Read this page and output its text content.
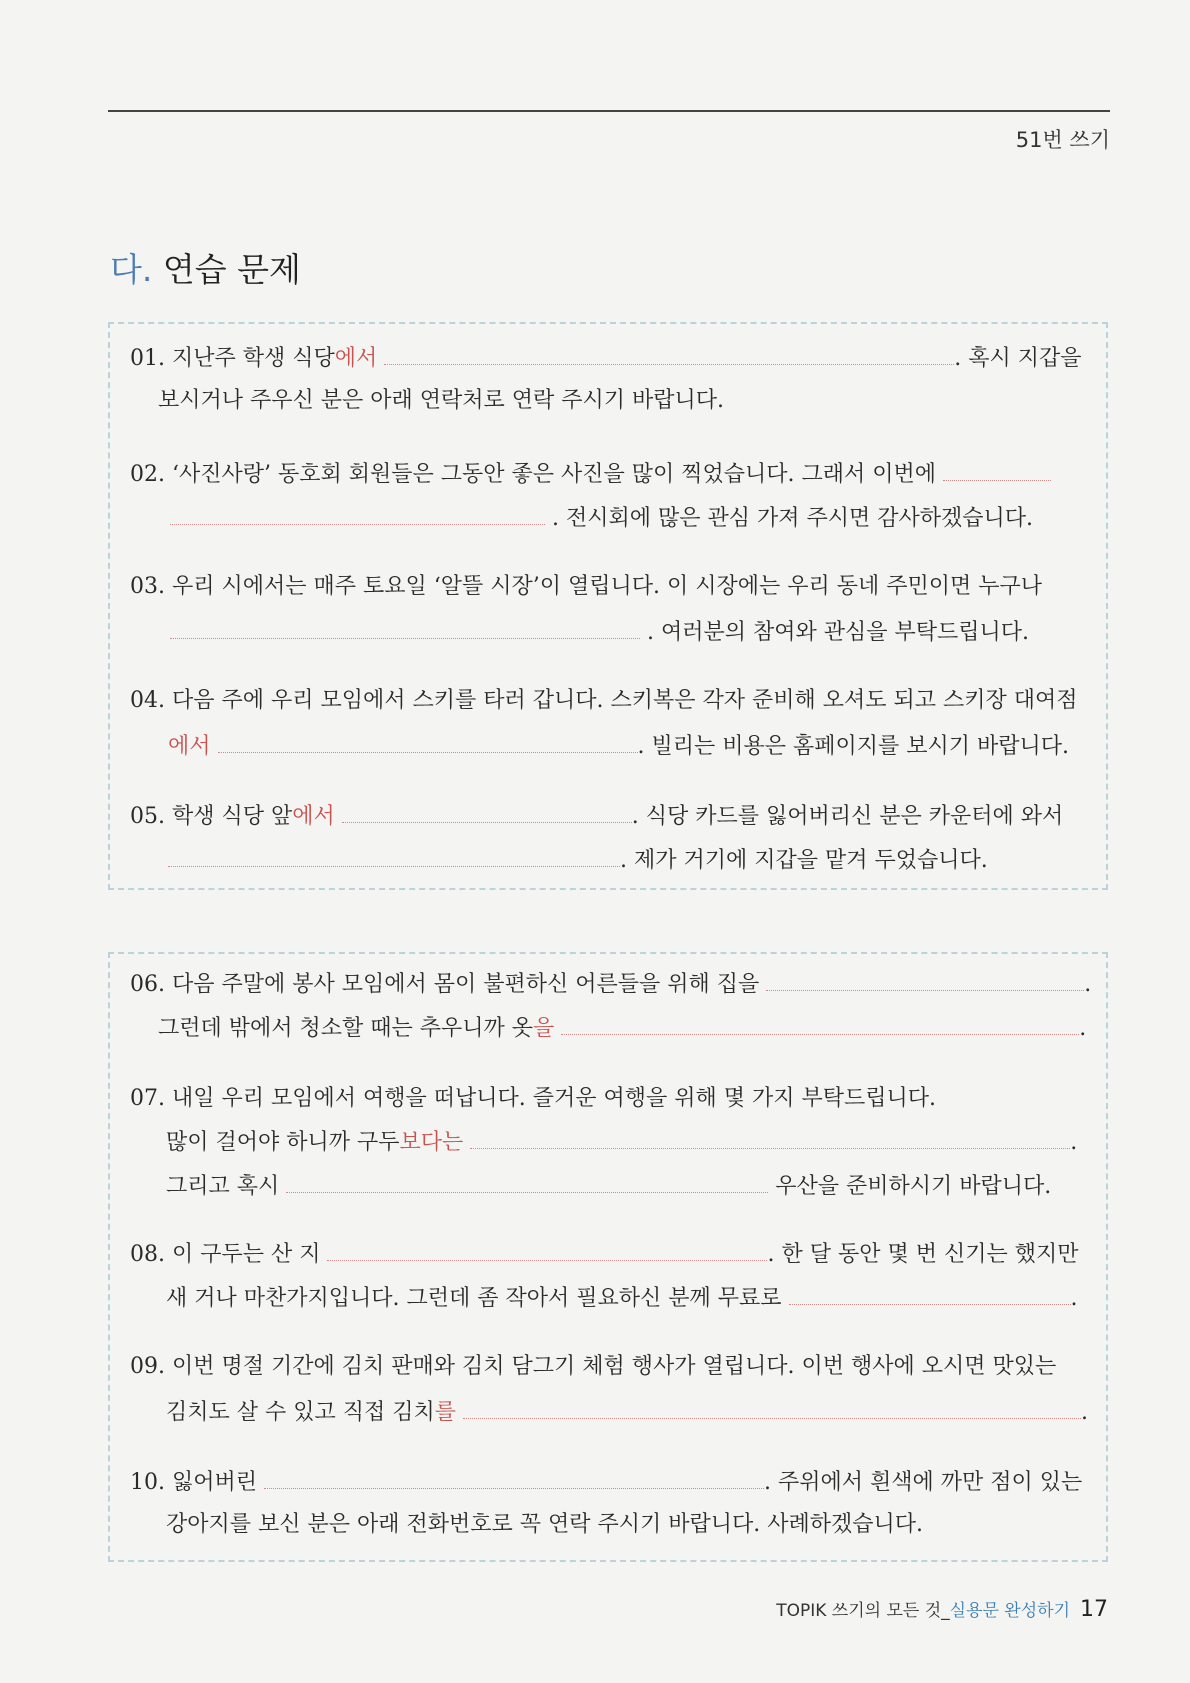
51번 쓰기
다. 연습 문제
01. 지난주 학생 식당에서	. 혹시 지갑을
보시거나 주우신 분은 아래 연락처로 연락 주시기 바랍니다.
02. ‘사진사랑’ 동호회 회원들은 그동안 좋은 사진을 많이 찍었습니다. 그래서 이번에
. 전시회에 많은 관심 가져 주시면 감사하겠습니다.
03. 우리 시에서는 매주 토요일 ‘알뜰 시장’이 열립니다. 이 시장에는 우리 동네 주민이면 누구나
. 여러분의 참여와 관심을 부탁드립니다.
04. 다음 주에 우리 모임에서 스키를 타러 갑니다. 스키복은 각자 준비해 오셔도 되고 스키장 대여점
에서	. 빌리는 비용은 홈페이지를 보시기 바랍니다.
05. 학생 식당 앞에서	. 식당 카드를 잃어버리신 분은 카운터에 와서
. 제가 거기에 지갑을 맡겨 두었습니다.
06. 다음 주말에 봉사 모임에서 몸이 불편하신 어른들을 위해 집을	.
그런데 밖에서 청소할 때는 추우니까 옷을	.
07. 내일 우리 모임에서 여행을 떠납니다. 즐거운 여행을 위해 몇 가지 부탁드립니다.
많이 걸어야 하니까 구두보다는	.
그리고 혹시	우산을 준비하시기 바랍니다.
08. 이 구두는 산 지	. 한 달 동안 몇 번 신기는 했지만
새 거나 마찬가지입니다. 그런데 좀 작아서 필요하신 분께 무료로	.
09. 이번 명절 기간에 김치 판매와 김치 담그기 체험 행사가 열립니다. 이번 행사에 오시면 맛있는
김치도 살 수 있고 직접 김치를	.
10. 잃어버린	. 주위에서 흰색에 까만 점이 있는
강아지를 보신 분은 아래 전화번호로 꼭 연락 주시기 바랍니다. 사례하겠습니다.
TOPIK 쓰기의 모든 것_실용문 완성하기 17
